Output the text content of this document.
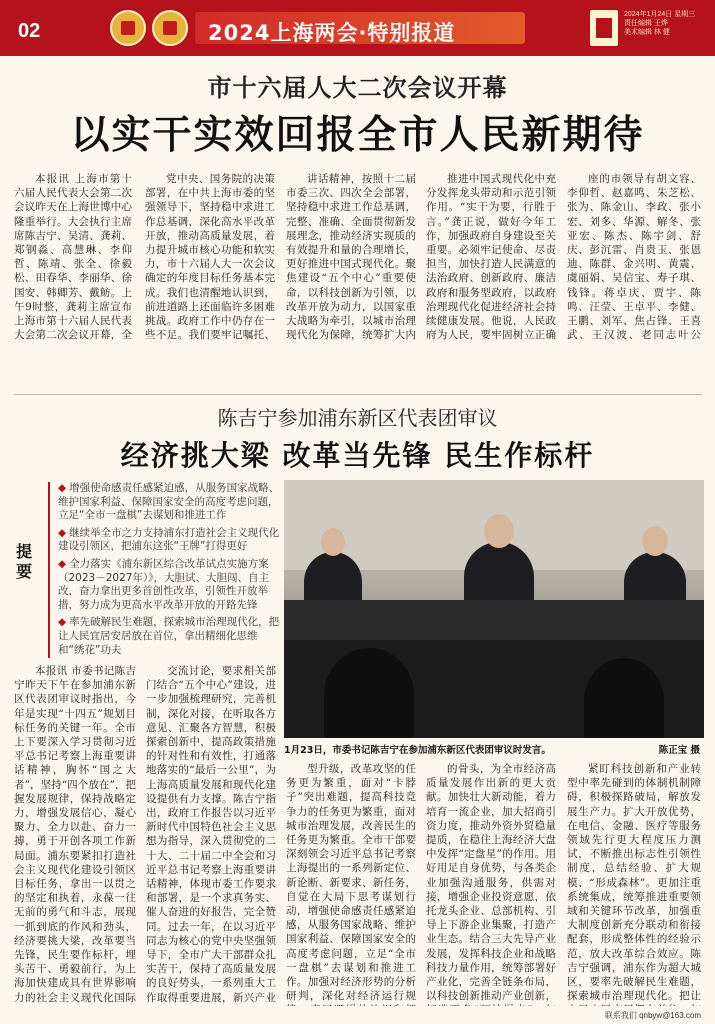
02	2024上海两会·特别报道
2024年1月24日 星期三
责任编辑 王烨
美术编辑 林 健
市十六届人大二次会议开幕
以实干实效回报全市人民新期待

本报讯 上海市第十六届人民代表大会第二次会议昨天在上海世博中心隆重举行。大会执行主席席陈吉宁、吴清、龚莉、郑钢淼、高慧琳、李仰哲、陈靖、张全、徐毅松、田春华、李丽华、徐国安、韩卿芳、戴鲂。上午9时整，龚莉主席宣布上海市第十六届人民代表大会第二次会议开幕，全

党中央、国务院的决策部署，在中共上海市委的坚强领导下，坚持稳中求进工作总基调，深化高水平改革开放，推动高质量发展，着力提升城市核心功能和软实力，市十六届人大一次会议确定的年度目标任务基本完成。我们也清醒地认识到，前进道路上还面临许多困难挑战。政府工作中仍存在一些不足。我们要牢记嘱托、

讲话精神，按照十二届市委三次、四次全会部署，坚持稳中求进工作总基调，完整、准确、全面贯彻新发展理念，推动经济实现质的有效提升和量的合理增长，更好推进中国式现代化。聚焦建设“五个中心”重要使命，以科技创新为引领，以改革开放为动力，以国家重大战略为牵引，以城市治理现代化为保障，统筹扩大内

推进中国式现代化中充分发挥龙头带动和示范引领作用。“实干为要，行胜于言。”龚正说，做好今年工作，加强政府自身建设至关重要。必须牢记使命、尽责担当，加快打造人民满意的法治政府、创新政府、廉洁政府和服务型政府，以政府治理现代化促进经济社会持续健康发展。他说，人民政府为人民，要牢固树立正确

座的市领导有胡文容、李仰哲、赵嘉鸣、朱芝松、张为、陈金山、李政、张小宏、刘多、华源、解冬、张亚宏、陈杰、陈宇剑、舒庆、彭沉雷、肖贵玉、张恩迪、陈群、金兴明、黄震、虞丽娟、吴信宝、寿子琪、钱锋。蒋卓庆、贾宇、陈鸣、汪莹、王卓平、李健、王鹏、刘军、焦占锋、王喜武、王汉波、老同志叶公

陈吉宁参加浦东新区代表团审议
经济挑大梁 改革当先锋 民生作标杆
提要
◆ 增强使命感责任感紧迫感，从服务国家战略、维护国家利益、保障国家安全的高度考虑问题，立足“全市一盘棋”去谋划和推进工作
◆ 继续举全市之力支持浦东打造社会主义现代化建设引领区，把浦东这张“王牌”打得更好
◆ 全力落实《浦东新区综合改革试点实施方案（2023－2027年）》，大胆试、大胆闯、自主改，奋力拿出更多首创性改革，引领性开放举措，努力成为更高水平改革开放的开路先锋
◆ 率先破解民生难题，探索城市治理现代化，把让人民宜居安居放在首位，拿出精细化思维和“绣花”功夫
1月23日，市委书记陈吉宁在参加浦东新区代表团审议时发言。	陈正宝 摄

本报讯 市委书记陈吉宁昨天下午在参加浦东新区代表团审议时指出，今年是实现“十四五”规划目标任务的关键一年。全市上下要深入学习贯彻习近平总书记考察上海重要讲话精神，胸怀“国之大者”，坚持“四个放在”，把握发展规律，保持战略定力，增强发展信心，凝心聚力、全力以赴、奋力一搏，勇于开创各项工作新局面。浦东要紧扣打造社会主义现代化建设引领区目标任务，拿出一以贯之的坚定和执着，永葆一往无前的勇气和斗志，展现一抓到底的作风和劲头，经济要挑大梁，改革要当先锋，民生要作标杆，埋头苦干、勇毅前行，为上海加快建成具有世界影响力的社会主义现代化国际

交流讨论，要求相关部门结合“五个中心”建设，进一步加强梳理研究，完善机制，深化对接，在听取各方意见、汇聚各方智慧，积极探索创新中，提高政策措施的针对性和有效性，打通落地落实的“最后一公里”，为上海高质量发展和现代化建设提供有力支撑。陈吉宁指出，政府工作报告以习近平新时代中国特色社会主义思想为指导，深入贯彻党的二十大、二十届二中全会和习近平总书记考察上海重要讲话精神，体现市委工作要求和部署，是一个求真务实、催人奋进的好报告，完全赞同。过去一年，在以习近平同志为核心的党中央坚强领导下，全市广大干部群众扎实苦干，保持了高质量发展的良好势头，一系列重大工作取得重要进展，新兴产业

型升级，改革攻坚的任务更为繁重，面对“卡脖子”突出难题，提高科技竞争力的任务更为繁重，面对城市治理发展，改善民生的任务更为繁重。全市干部要深刻领会习近平总书记考察上海提出的一系列新定位、新论断、新要求、新任务，自觉在大局下思考谋划行动，增强使命感责任感紧迫感，从服务国家战略、维护国家利益、保障国家安全的高度考虑问题，立足“全市一盘棋”去谋划和推进工作。加强对经济形势的分析研判，深化对经济运行规

的骨头，为全市经济高质量发展作出新的更大贡献。加快壮大新动能，着力培育一流企业，加大招商引资力度，推动外资外贸稳量提质，在稳住上海经济大盘中发挥“定盘星”的作用。用好用足自身优势，与各类企业加强沟通服务，供需对接，增强企业投资意愿，依托龙头企业、总部机构、引导上下游企业集聚，打造产业生态。结合三大先导产业发展，发挥科技企业和战略科技力量作用，统筹部署好产业化，完善全链条布局，以科技创新推动产业创新，

紧盯科技创新和产业转型中率先碰到的体制机制障碍，积极探路破局，解放发展生产力。扩大开放优势，在电信、金融、医疗等服务领域先行更大程度压力测试，不断推出标志性引领性制度，总结经验、扩大规模、“形成森林”。更加注重系统集成，统筹推进重要领域和关键环节改革，加强重大制度创新充分联动和衔接配套，形成整体性的经验示范，放大改革综合效应。陈吉宁强调，浦东作为超大城区，要率先破解民生难题，探索城市治理现代化。把让

联系我们 qnbyw@163.com
